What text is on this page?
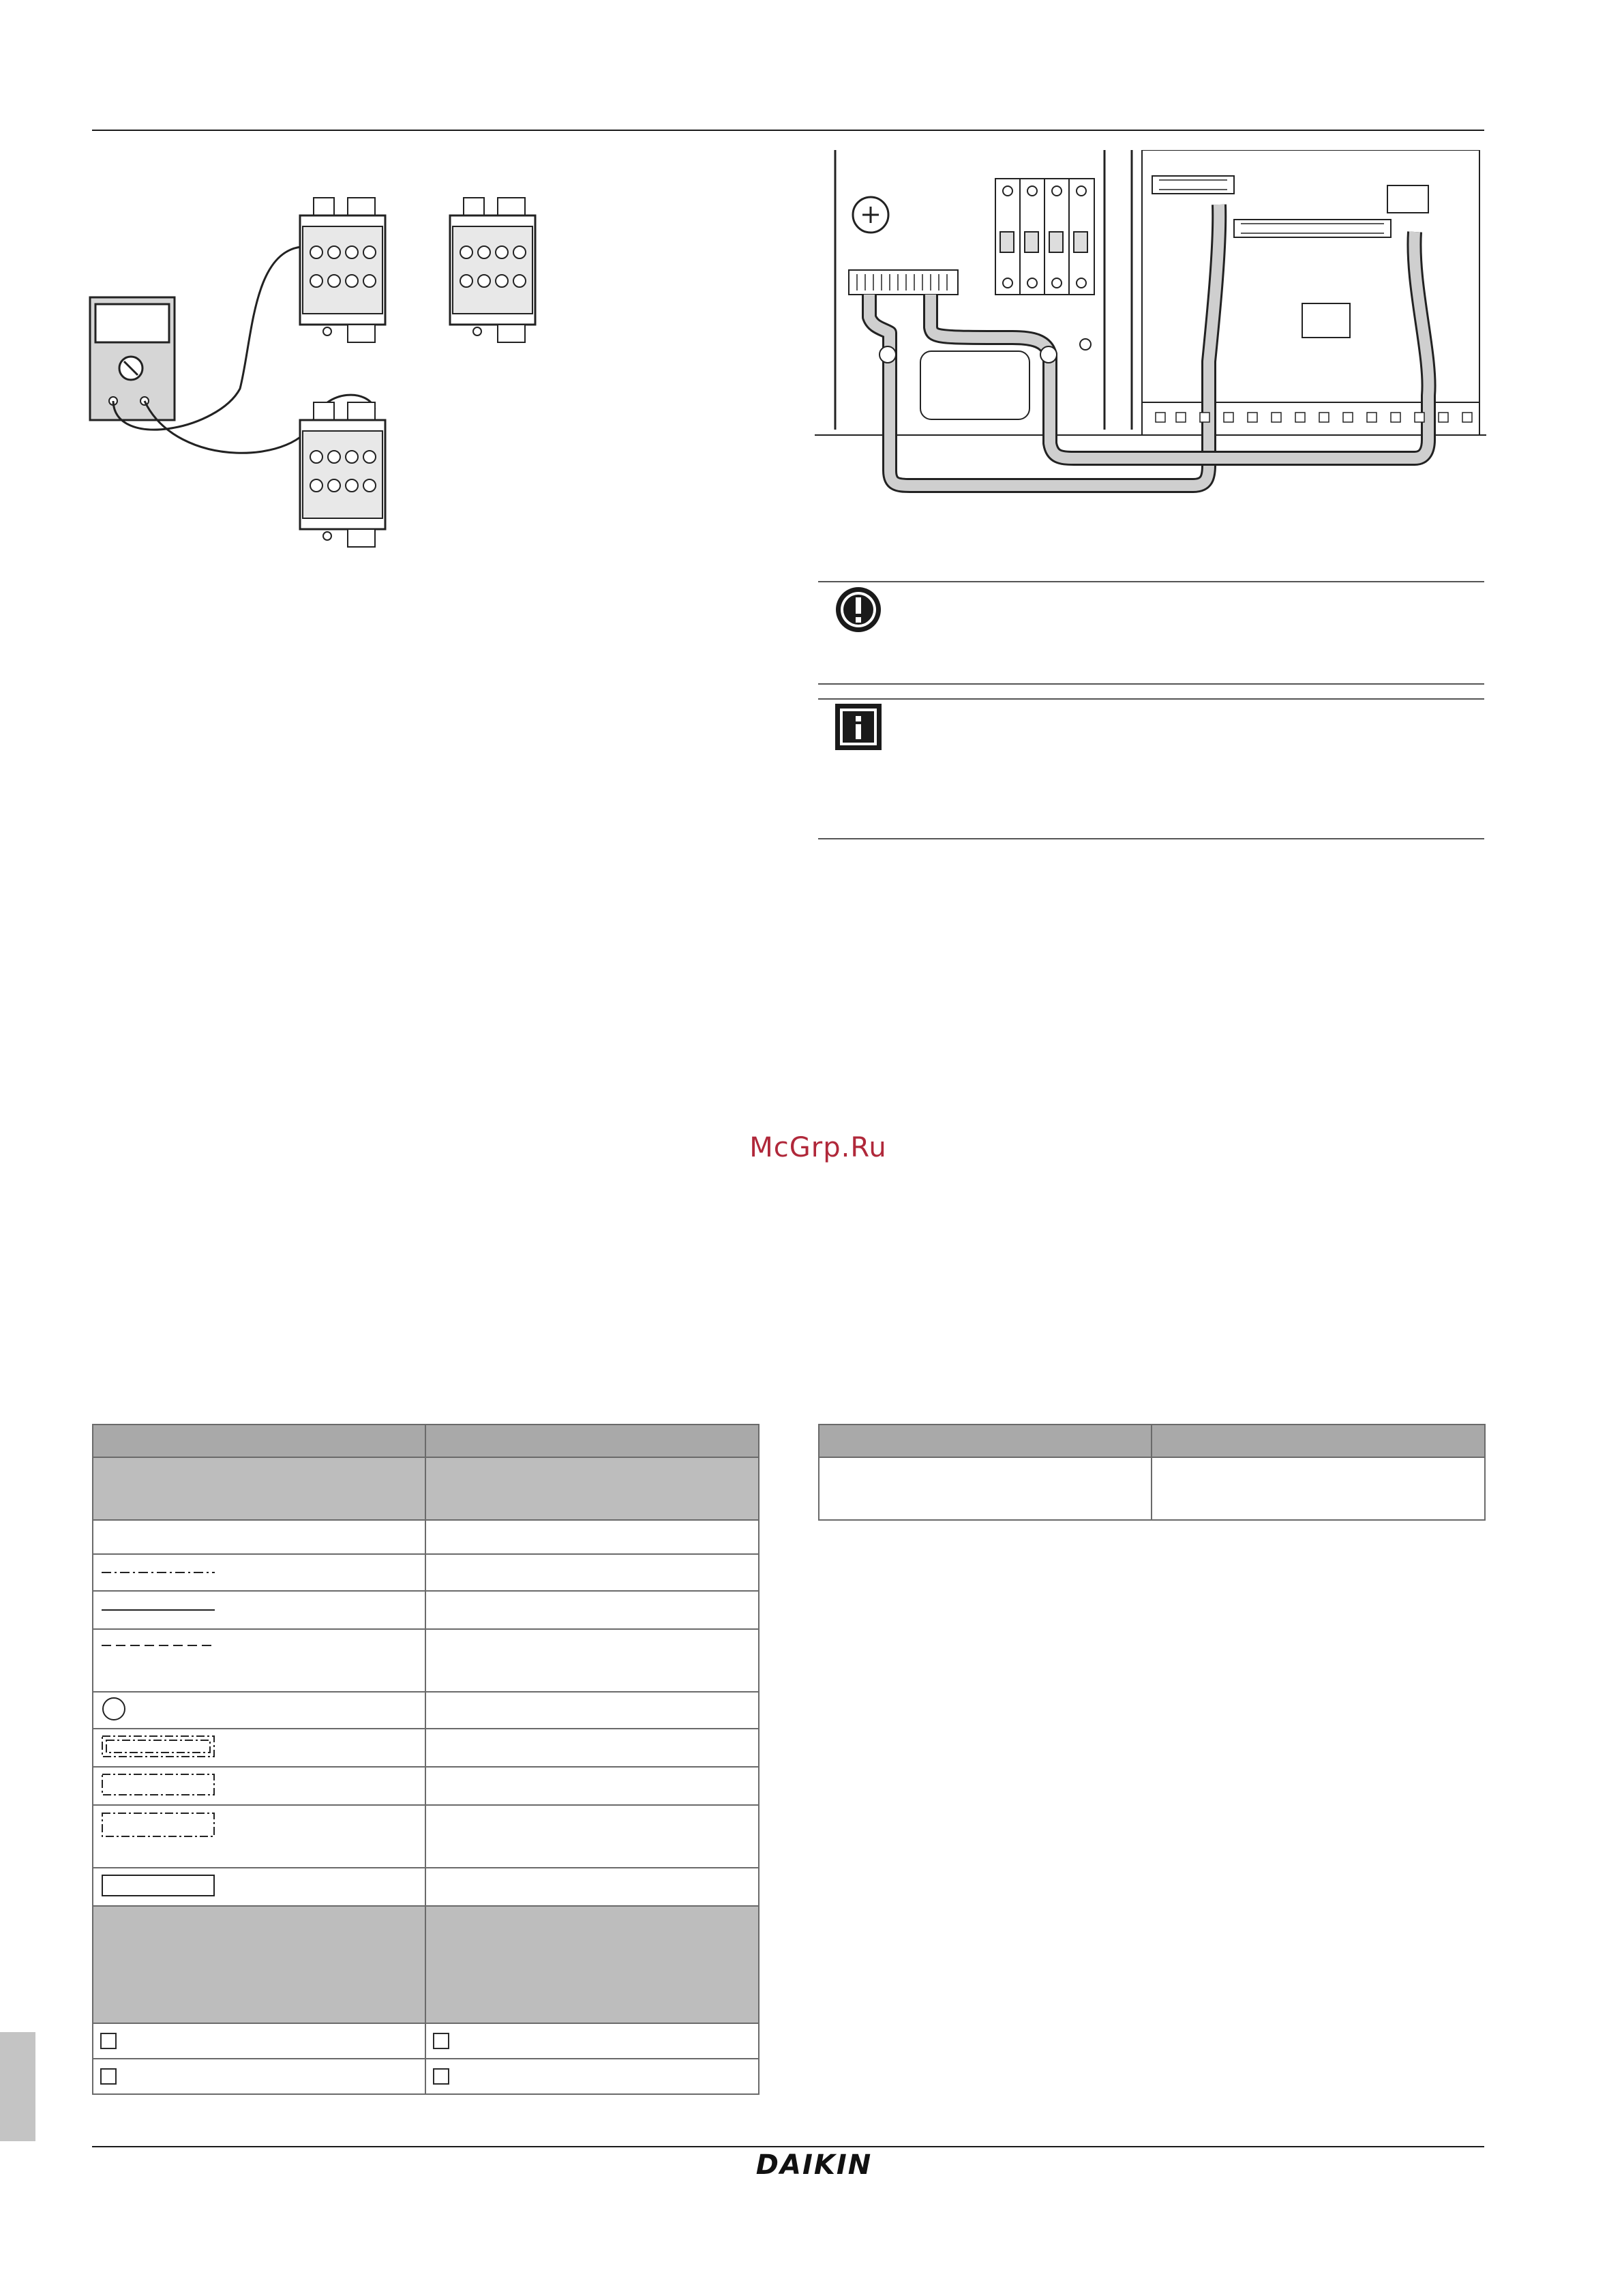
McGrp.Ru

DAIKIN
